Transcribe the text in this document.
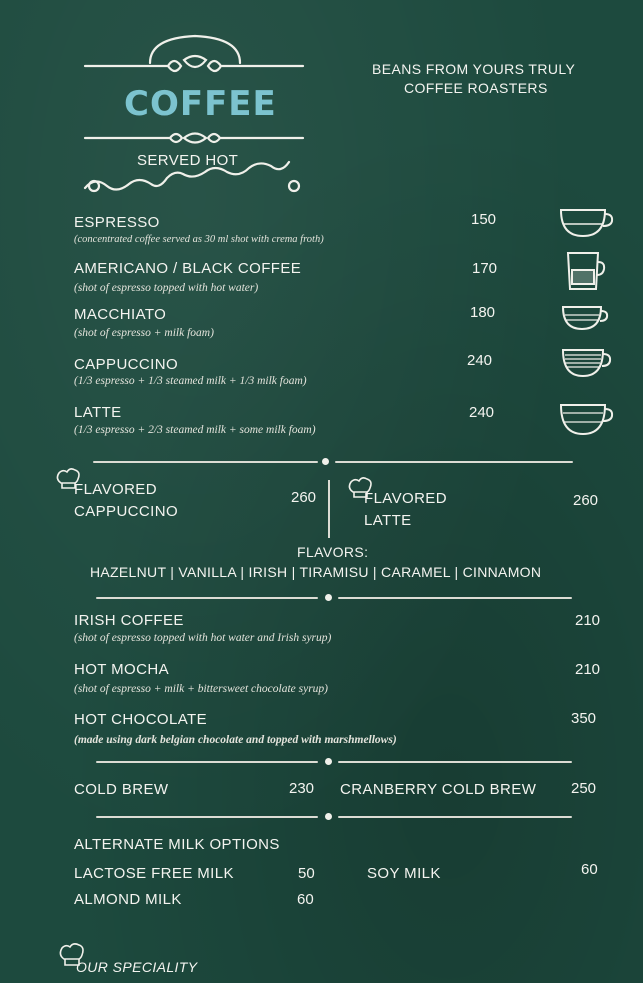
COFFEE
SERVED HOT
BEANS FROM YOURS TRULY
COFFEE ROASTERS
ESPRESSO
(concentrated coffee served as 30 ml shot with crema froth)
150
AMERICANO / BLACK COFFEE
(shot of espresso topped with hot water)
170
MACCHIATO
(shot of espresso + milk foam)
180
CAPPUCCINO
(1/3 espresso + 1/3 steamed milk + 1/3 milk foam)
240
LATTE
(1/3 espresso + 2/3 steamed milk + some milk foam)
240
FLAVORED
CAPPUCCINO
260	FLAVORED
LATTE
260
FLAVORS:
HAZELNUT | VANILLA | IRISH | TIRAMISU | CARAMEL | CINNAMON
IRISH COFFEE
(shot of espresso topped with hot water and Irish syrup)
210
HOT MOCHA
(shot of espresso + milk + bittersweet chocolate syrup)
210
HOT CHOCOLATE
(made using dark belgian chocolate and topped with marshmellows)
350
COLD BREW	230 CRANBERRY COLD BREW 250
ALTERNATE MILK OPTIONS
LACTOSE FREE MILK	50	SOY MILK	60
ALMOND MILK	60
OUR SPECIALITY
